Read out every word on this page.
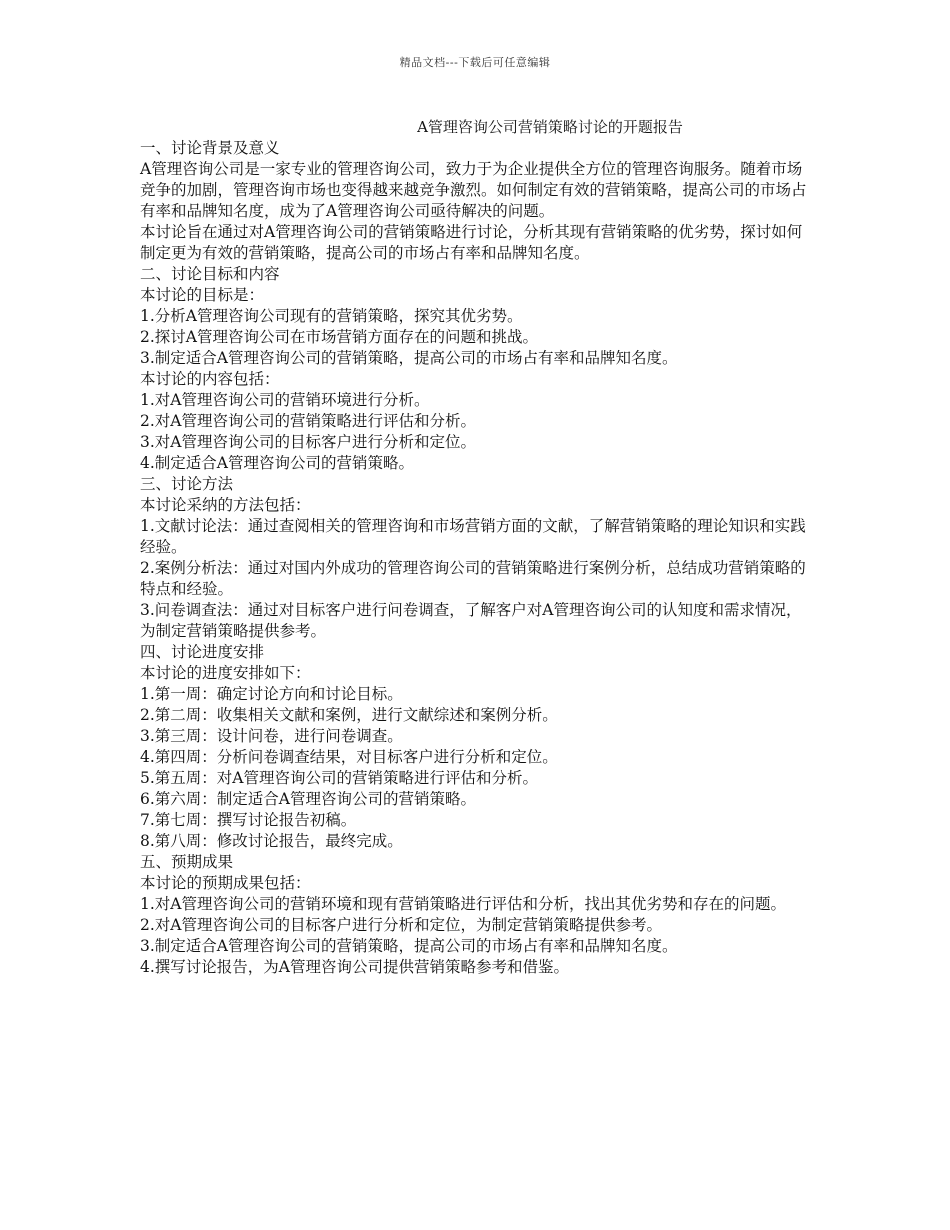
精品文档---下载后可任意编辑
A管理咨询公司营销策略讨论的开题报告

一、讨论背景及意义

A管理咨询公司是一家专业的管理咨询公司，致力于为企业提供全方位的管理咨询服务。随着市场竞争的加剧，管理咨询市场也变得越来越竞争激烈。如何制定有效的营销策略，提高公司的市场占有率和品牌知名度，成为了A管理咨询公司亟待解决的问题。

本讨论旨在通过对A管理咨询公司的营销策略进行讨论，分析其现有营销策略的优劣势，探讨如何制定更为有效的营销策略，提高公司的市场占有率和品牌知名度。

二、讨论目标和内容

本讨论的目标是：

1.分析A管理咨询公司现有的营销策略，探究其优劣势。

2.探讨A管理咨询公司在市场营销方面存在的问题和挑战。

3.制定适合A管理咨询公司的营销策略，提高公司的市场占有率和品牌知名度。

本讨论的内容包括：

1.对A管理咨询公司的营销环境进行分析。

2.对A管理咨询公司的营销策略进行评估和分析。

3.对A管理咨询公司的目标客户进行分析和定位。

4.制定适合A管理咨询公司的营销策略。

三、讨论方法

本讨论采纳的方法包括：

1.文献讨论法：通过查阅相关的管理咨询和市场营销方面的文献，了解营销策略的理论知识和实践经验。

2.案例分析法：通过对国内外成功的管理咨询公司的营销策略进行案例分析，总结成功营销策略的特点和经验。

3.问卷调查法：通过对目标客户进行问卷调查，了解客户对A管理咨询公司的认知度和需求情况，为制定营销策略提供参考。

四、讨论进度安排

本讨论的进度安排如下：

1.第一周：确定讨论方向和讨论目标。

2.第二周：收集相关文献和案例，进行文献综述和案例分析。

3.第三周：设计问卷，进行问卷调查。

4.第四周：分析问卷调查结果，对目标客户进行分析和定位。

5.第五周：对A管理咨询公司的营销策略进行评估和分析。

6.第六周：制定适合A管理咨询公司的营销策略。

7.第七周：撰写讨论报告初稿。

8.第八周：修改讨论报告，最终完成。

五、预期成果

本讨论的预期成果包括：

1.对A管理咨询公司的营销环境和现有营销策略进行评估和分析，找出其优劣势和存在的问题。

2.对A管理咨询公司的目标客户进行分析和定位，为制定营销策略提供参考。

3.制定适合A管理咨询公司的营销策略，提高公司的市场占有率和品牌知名度。

4.撰写讨论报告，为A管理咨询公司提供营销策略参考和借鉴。
